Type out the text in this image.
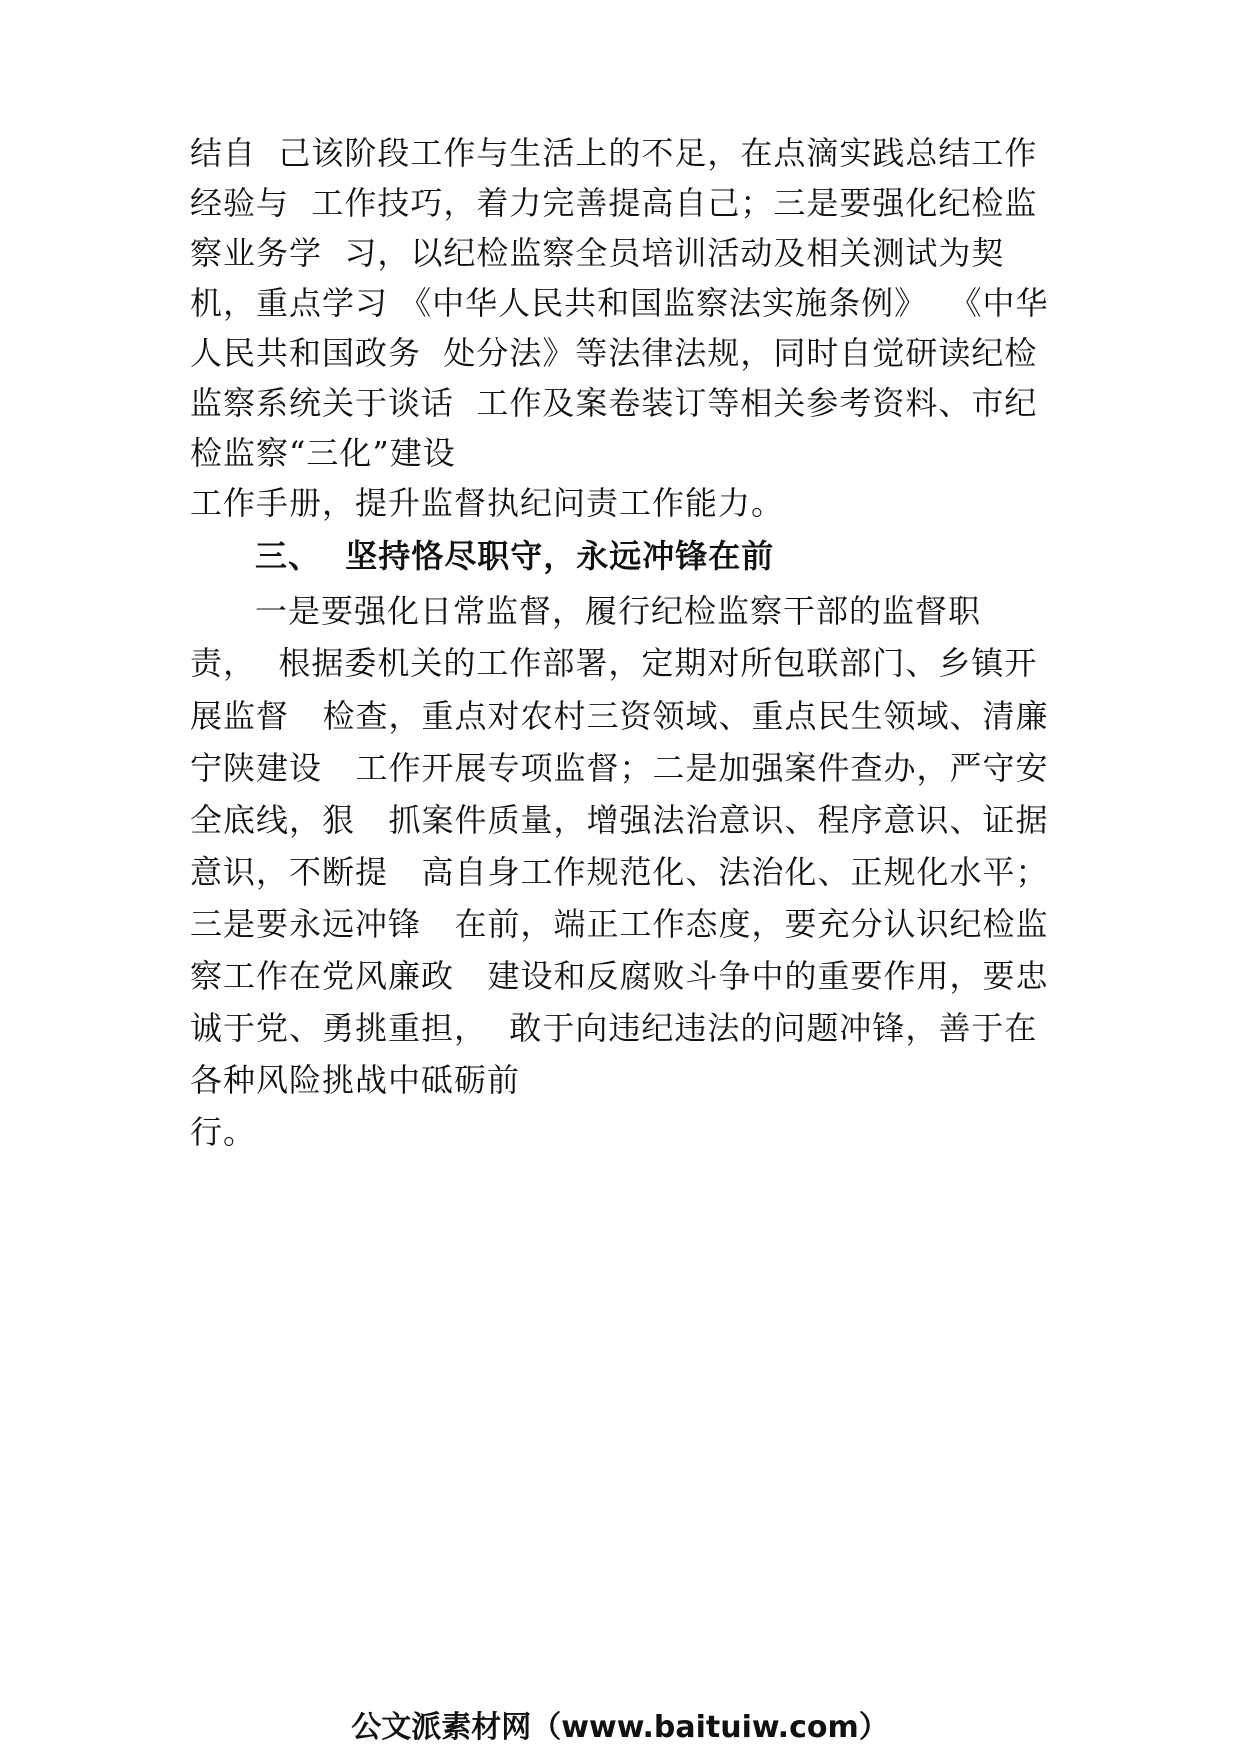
结自  己该阶段工作与生活上的不足，在点滴实践总结工作
经验与  工作技巧，着力完善提高自己；三是要强化纪检监
察业务学  习，以纪检监察全员培训活动及相关测试为契
机，重点学习 《中华人民共和国监察法实施条例》  《中华
人民共和国政务  处分法》等法律法规，同时自觉研读纪检
监察系统关于谈话  工作及案卷装订等相关参考资料、市纪
检监察“三化”建设
工作手册，提升监督执纪问责工作能力。
三、  坚持恪尽职守，永远冲锋在前
一是要强化日常监督，履行纪检监察干部的监督职
责，  根据委机关的工作部署，定期对所包联部门、乡镇开
展监督   检查，重点对农村三资领域、重点民生领域、清廉
宁陕建设   工作开展专项监督；二是加强案件查办，严守安
全底线，狠   抓案件质量，增强法治意识、程序意识、证据
意识，不断提   高自身工作规范化、法治化、正规化水平；
三是要永远冲锋   在前，端正工作态度，要充分认识纪检监
察工作在党风廉政   建设和反腐败斗争中的重要作用，要忠
诚于党、勇挑重担，  敢于向违纪违法的问题冲锋，善于在
各种风险挑战中砥砺前
行。
公文派素材网（www.baituiw.com）
